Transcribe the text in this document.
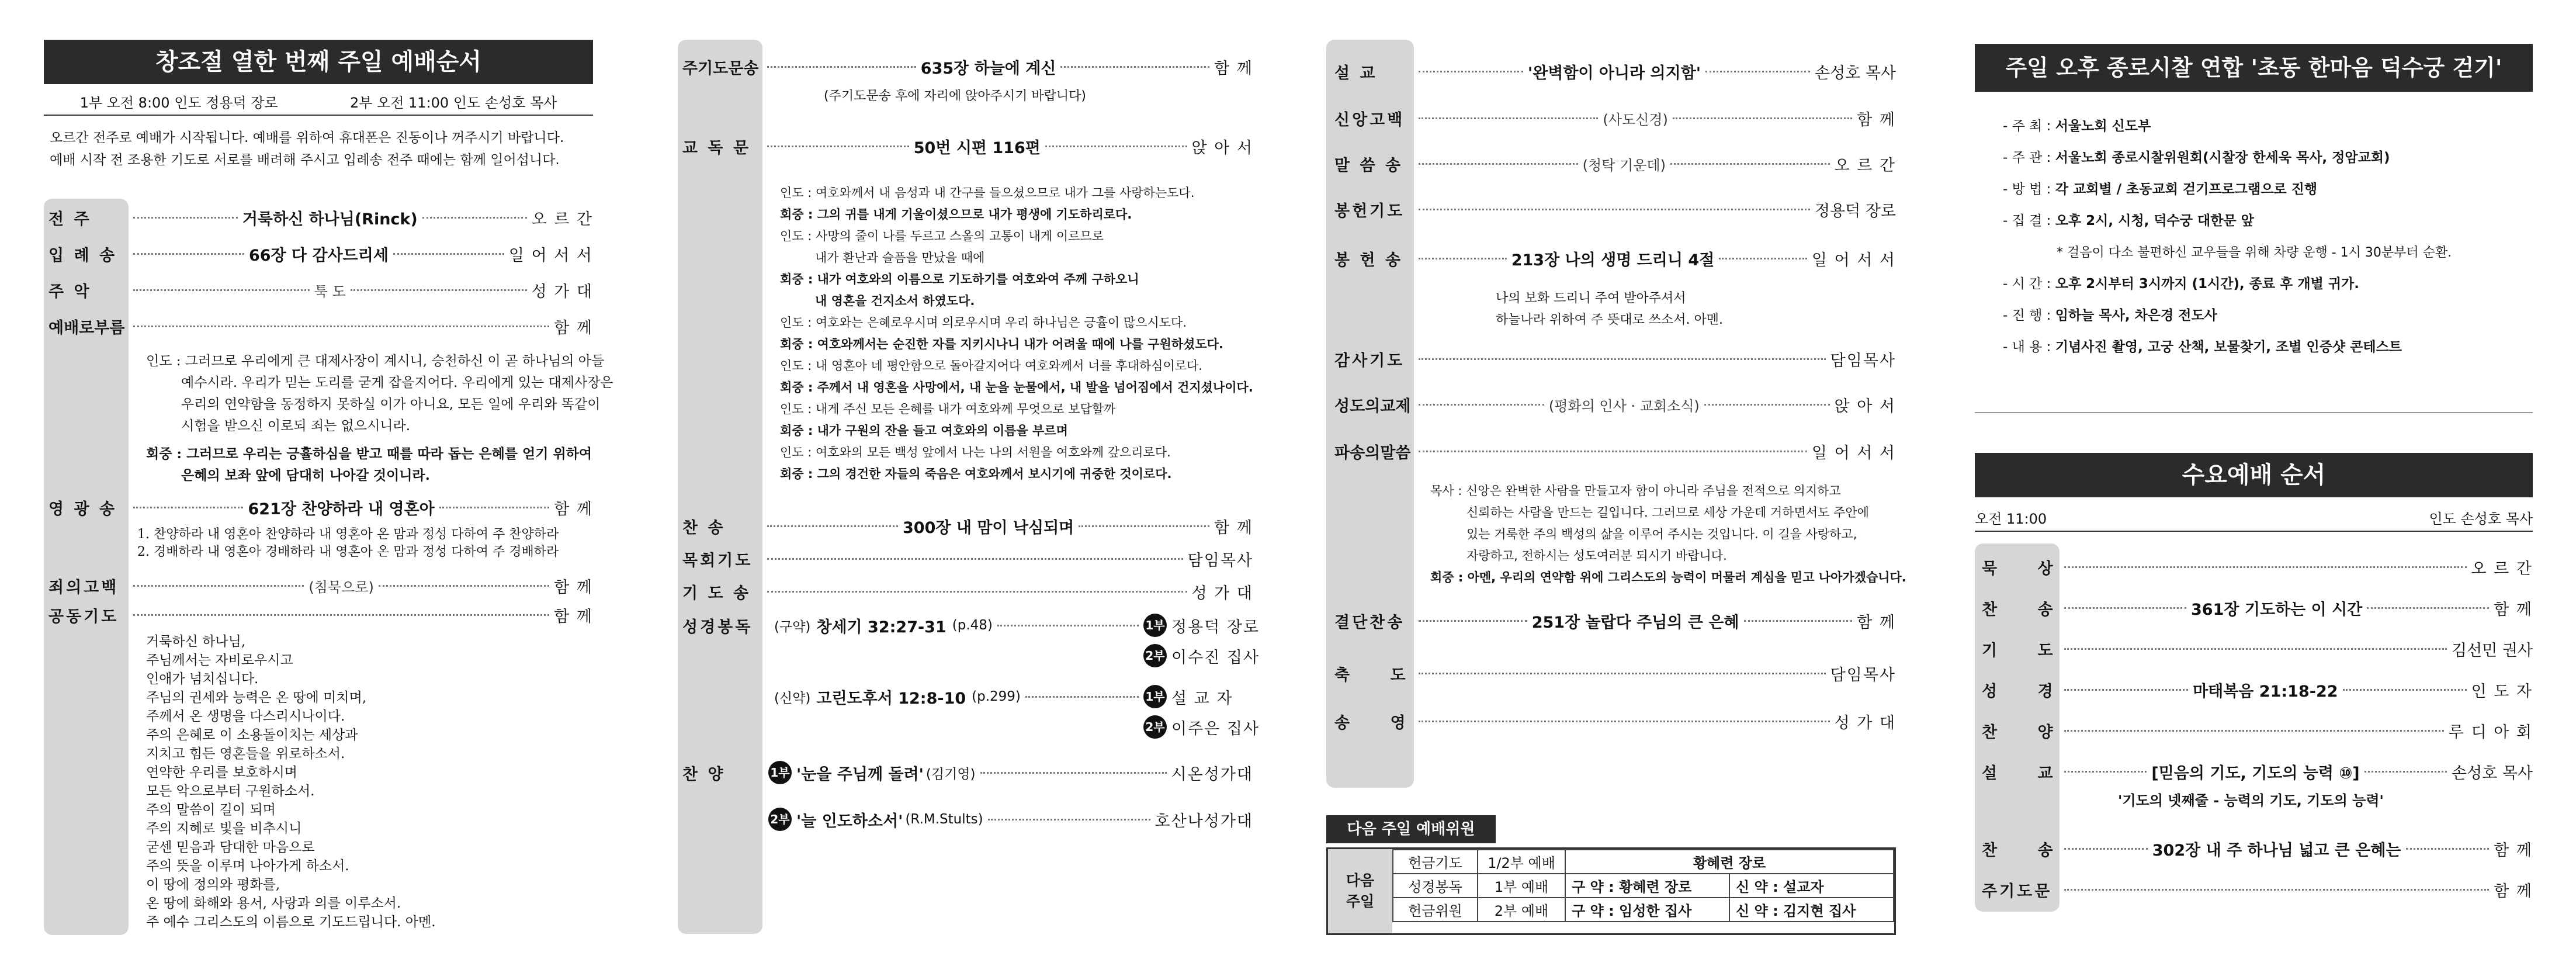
창조절 열한 번째 주일 예배순서
1부 오전 8:00 인도 정용덕 장로	2부 오전 11:00 인도 손성호 목사
오르간 전주로 예배가 시작됩니다. 예배를 위하여 휴대폰은 진동이나 꺼주시기 바랍니다.
예배 시작 전 조용한 기도로 서로를 배려해 주시고 입례송 전주 때에는 함께 일어섭니다.
전 주	거룩하신 하나님(Rinck)	오 르 간
입 례 송	66장 다 감사드리세	일 어 서 서
주 악	툭 도	성 가 대
예배로부름	함 께
인도 : 그러므로 우리에게 큰 대제사장이 계시니, 승천하신 이 곧 하나님의 아들
예수시라. 우리가 믿는 도리를 굳게 잡을지어다. 우리에게 있는 대제사장은
우리의 연약함을 동정하지 못하실 이가 아니요, 모든 일에 우리와 똑같이
시험을 받으신 이로되 죄는 없으시니라.
회중 : 그러므로 우리는 긍휼하심을 받고 때를 따라 돕는 은혜를 얻기 위하여
은혜의 보좌 앞에 담대히 나아갈 것이니라.
영 광 송	621장 찬양하라 내 영혼아	함 께
1. 찬양하라 내 영혼아 찬양하라 내 영혼아 온 맘과 정성 다하여 주 찬양하라
2. 경배하라 내 영혼아 경배하라 내 영혼아 온 맘과 정성 다하여 주 경배하라
죄의고백	(침묵으로)	함 께
공동기도	함 께
거룩하신 하나님,
주님께서는 자비로우시고
인애가 넘치십니다.
주님의 권세와 능력은 온 땅에 미치며,
주께서 온 생명을 다스리시나이다.
주의 은혜로 이 소용돌이치는 세상과
지치고 힘든 영혼들을 위로하소서.
연약한 우리를 보호하시며
모든 악으로부터 구원하소서.
주의 말씀이 길이 되며
주의 지혜로 빛을 비추시니
굳센 믿음과 담대한 마음으로
주의 뜻을 이루며 나아가게 하소서.
이 땅에 정의와 평화를,
온 땅에 화해와 용서, 사랑과 의를 이루소서.
주 예수 그리스도의 이름으로 기도드립니다. 아멘.
주기도문송	635장 하늘에 계신	함 께
(주기도문송 후에 자리에 앉아주시기 바랍니다)
교 독 문	50번 시편 116편	앉 아 서
인도 : 여호와께서 내 음성과 내 간구를 들으셨으므로 내가 그를 사랑하는도다.
회중 : 그의 귀를 내게 기울이셨으므로 내가 평생에 기도하리로다.
인도 : 사망의 줄이 나를 두르고 스올의 고통이 내게 이르므로
내가 환난과 슬픔을 만났을 때에
회중 : 내가 여호와의 이름으로 기도하기를 여호와여 주께 구하오니
내 영혼을 건지소서 하였도다.
인도 : 여호와는 은혜로우시며 의로우시며 우리 하나님은 긍휼이 많으시도다.
회중 : 여호와께서는 순진한 자를 지키시나니 내가 어려울 때에 나를 구원하셨도다.
인도 : 내 영혼아 네 평안함으로 돌아갈지어다 여호와께서 너를 후대하심이로다.
회중 : 주께서 내 영혼을 사망에서, 내 눈을 눈물에서, 내 발을 넘어짐에서 건지셨나이다.
인도 : 내게 주신 모든 은혜를 내가 여호와께 무엇으로 보답할까
회중 : 내가 구원의 잔을 들고 여호와의 이름을 부르며
인도 : 여호와의 모든 백성 앞에서 나는 나의 서원을 여호와께 갚으리로다.
회중 : 그의 경건한 자들의 죽음은 여호와께서 보시기에 귀중한 것이로다.
찬 송	300장 내 맘이 낙심되며	함 께
목회기도	담임목사
기 도 송	성 가 대
성경봉독	(구약) 창세기 32:27-31 (p.48)	1부 정용덕 장로
2부 이수진 집사
(신약) 고린도후서 12:8-10 (p.299)	1부 설 교 자
2부 이주은 집사
찬 양	1부 '눈을 주님께 돌려' (김기영)	시온성가대
2부 '늘 인도하소서' (R.M.Stults)	호산나성가대
설 교	'완벽함이 아니라 의지함'	손성호 목사
신앙고백	(사도신경)	함 께
말 씀 송	(청탁 기운데)	오 르 간
봉헌기도	정용덕 장로
봉 헌 송	213장 나의 생명 드리니 4절	일 어 서 서
나의 보화 드리니 주여 받아주셔서
하늘나라 위하여 주 뜻대로 쓰소서. 아멘.
감사기도	담임목사
성도의교제	(평화의 인사 · 교회소식)	앉 아 서
파송의말씀	일 어 서 서
목사 : 신앙은 완벽한 사람을 만들고자 함이 아니라 주님을 전적으로 의지하고
신뢰하는 사람을 만드는 길입니다. 그러므로 세상 가운데 거하면서도 주안에
있는 거룩한 주의 백성의 삶을 이루어 주시는 것입니다. 이 길을 사랑하고,
자랑하고, 전하시는 성도여러분 되시기 바랍니다.
회중 : 아멘, 우리의 연약함 위에 그리스도의 능력이 머물러 계심을 믿고 나아가겠습니다.
결단찬송	251장 놀랍다 주님의 큰 은혜	함 께
축 도	담임목사
송 영	성 가 대
다음 주일 예배위원
다음 주일
헌금기도	1/2부 예배	황혜련 장로	
성경봉독	1부 예배	구 약 : 황혜련 장로	신 약 : 설교자
헌금위원	2부 예배	구 약 : 임성한 집사	신 약 : 김지현 집사
주일 오후 종로시찰 연합 '초동 한마음 덕수궁 걷기'
- 주 최 : 서울노회 신도부
- 주 관 : 서울노회 종로시찰위원회(시찰장 한세욱 목사, 정암교회)
- 방 법 : 각 교회별 / 초동교회 걷기프로그램으로 진행
- 집 결 : 오후 2시, 시청, 덕수궁 대한문 앞
* 걸음이 다소 불편하신 교우들을 위해 차량 운행 - 1시 30분부터 순환.
- 시 간 : 오후 2시부터 3시까지 (1시간), 종료 후 개별 귀가.
- 진 행 : 임하늘 목사, 차은경 전도사
- 내 용 : 기념사진 촬영, 고궁 산책, 보물찾기, 조별 인증샷 콘테스트
수요예배 순서
오전 11:00	인도 손성호 목사
묵 상	오 르 간
찬 송	361장 기도하는 이 시간	함 께
기 도	김선민 권사
성 경	마태복음 21:18-22	인 도 자
찬 양	루 디 아 회
설 교	[믿음의 기도, 기도의 능력 ⑩]	손성호 목사
'기도의 넷째줄 - 능력의 기도, 기도의 능력'
찬 송	302장 내 주 하나님 넓고 큰 은혜는	함 께
주기도문	함 께
